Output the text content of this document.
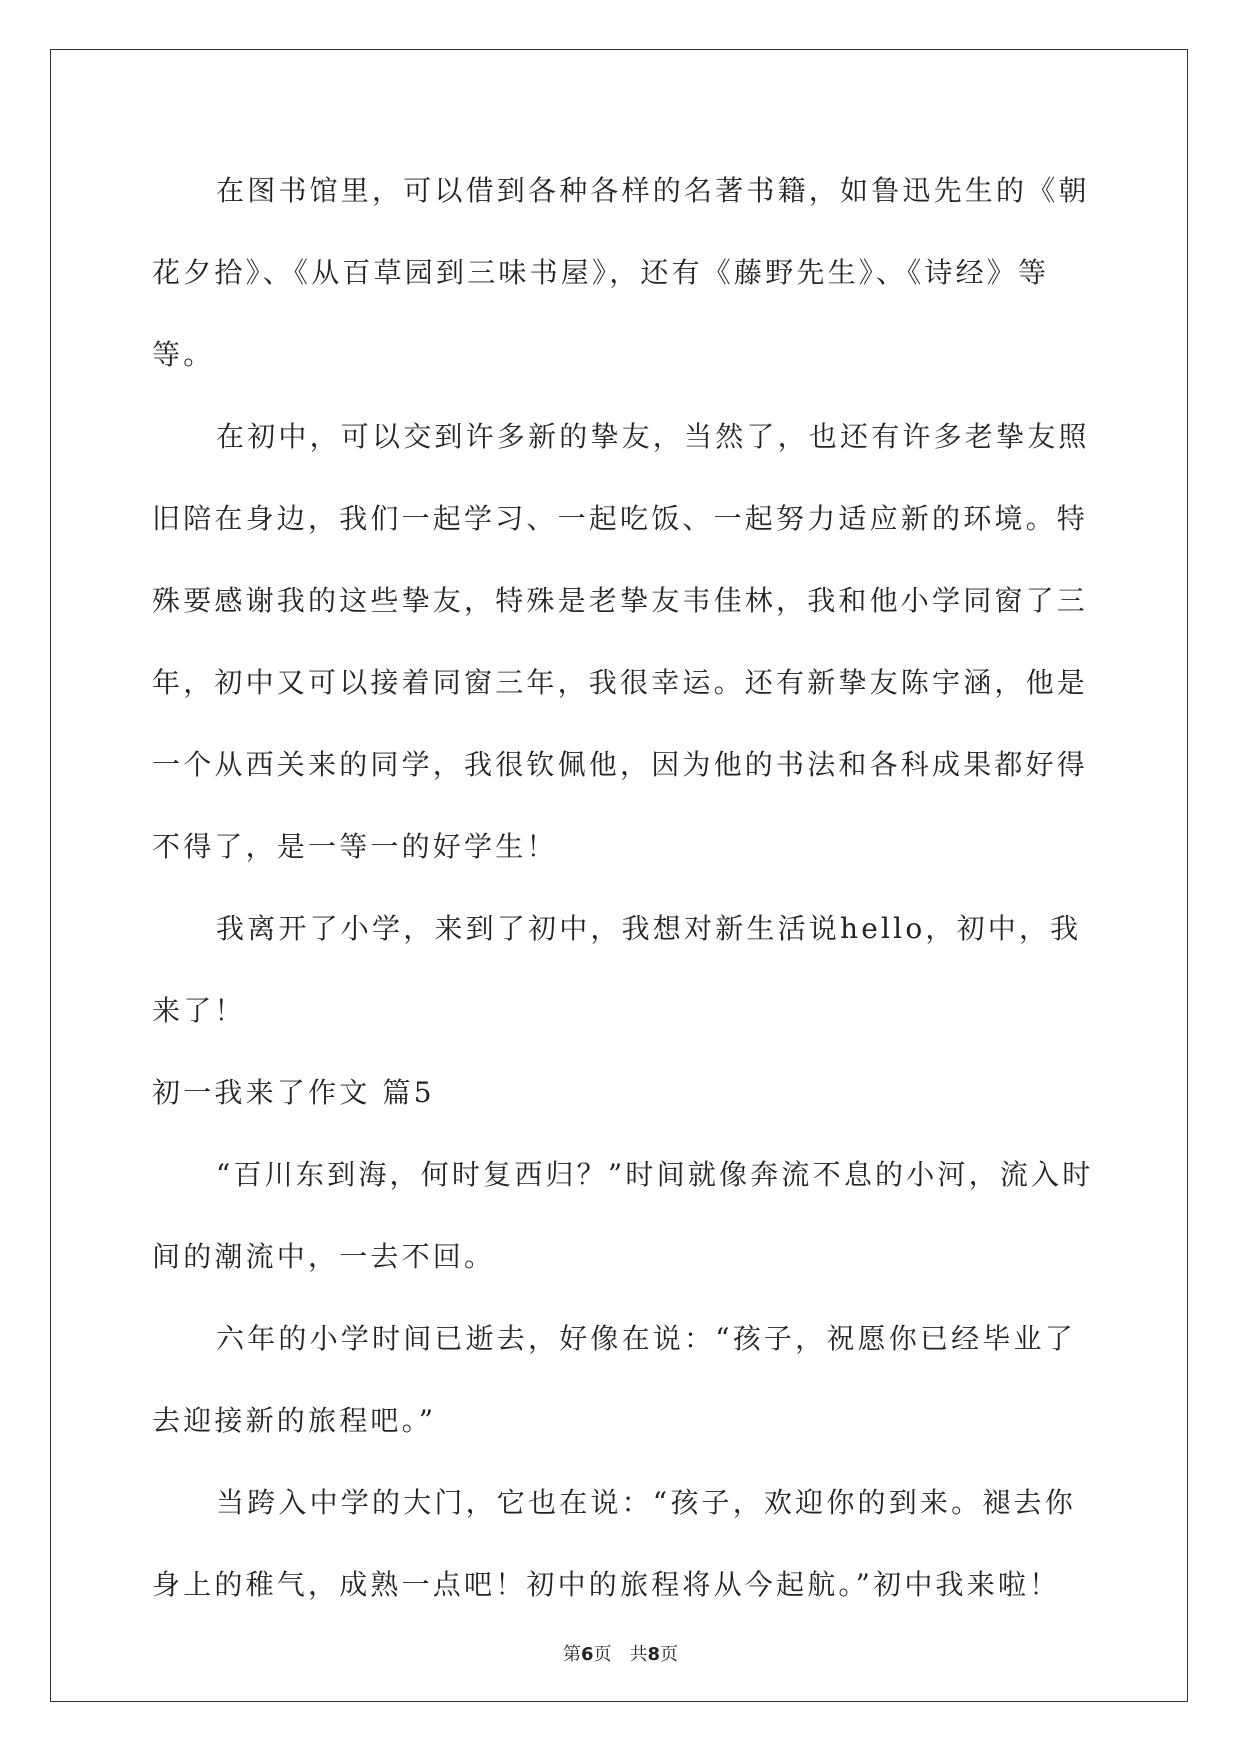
在图书馆里，可以借到各种各样的名著书籍，如鲁迅先生的《朝花夕拾》、《从百草园到三味书屋》，还有《藤野先生》、《诗经》等等。

在初中，可以交到许多新的挚友，当然了，也还有许多老挚友照旧陪在身边，我们一起学习、一起吃饭、一起努力适应新的环境。特殊要感谢我的这些挚友，特殊是老挚友韦佳林，我和他小学同窗了三年，初中又可以接着同窗三年，我很幸运。还有新挚友陈宇涵，他是一个从西关来的同学，我很钦佩他，因为他的书法和各科成果都好得不得了，是一等一的好学生！

我离开了小学，来到了初中，我想对新生活说hello，初中，我来了！

初一我来了作文 篇5

“百川东到海，何时复西归？”时间就像奔流不息的小河，流入时间的潮流中，一去不回。

六年的小学时间已逝去，好像在说：“孩子，祝愿你已经毕业了去迎接新的旅程吧。”

当跨入中学的大门，它也在说：“孩子，欢迎你的到来。褪去你身上的稚气，成熟一点吧！初中的旅程将从今起航。”初中我来啦！

第6页　共8页
